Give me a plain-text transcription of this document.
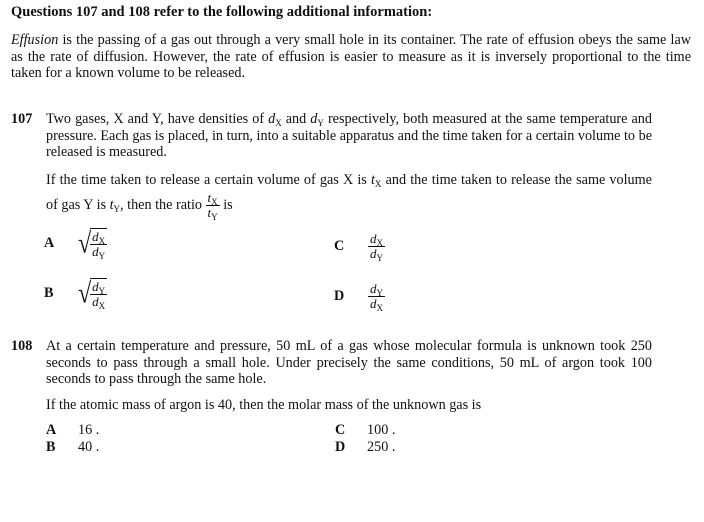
Questions 107 and 108 refer to the following additional information:
Effusion is the passing of a gas out through a very small hole in its container. The rate of effusion obeys the same law as the rate of diffusion. However, the rate of effusion is easier to measure as it is inversely proportional to the time taken for a known volume to be released.
107 Two gases, X and Y, have densities of $d_X$ and $d_Y$ respectively, both measured at the same temperature and pressure. Each gas is placed, in turn, into a suitable apparatus and the time taken for a certain volume to be released is measured.
If the time taken to release a certain volume of gas X is $t_X$ and the time taken to release the same volume of gas Y is $t_Y$, then the ratio $\frac{t_X}{t_Y}$ is
A √ $\frac{d_X}{d_Y}$
B	√ $\frac{d_Y}{d_X}$
C	$\frac{d_X}{d_Y}$
D	$\frac{d_Y}{d_X}$
108 At a certain temperature and pressure, 50 mL of a gas whose molecular formula is unknown took 250 seconds to pass through a small hole. Under precisely the same conditions, 50 mL of argon took 100 seconds to pass through the same hole.
If the atomic mass of argon is 40, then the molar mass of the unknown gas is
A	16 .
B	40 .
C	100 .
D	250 .
